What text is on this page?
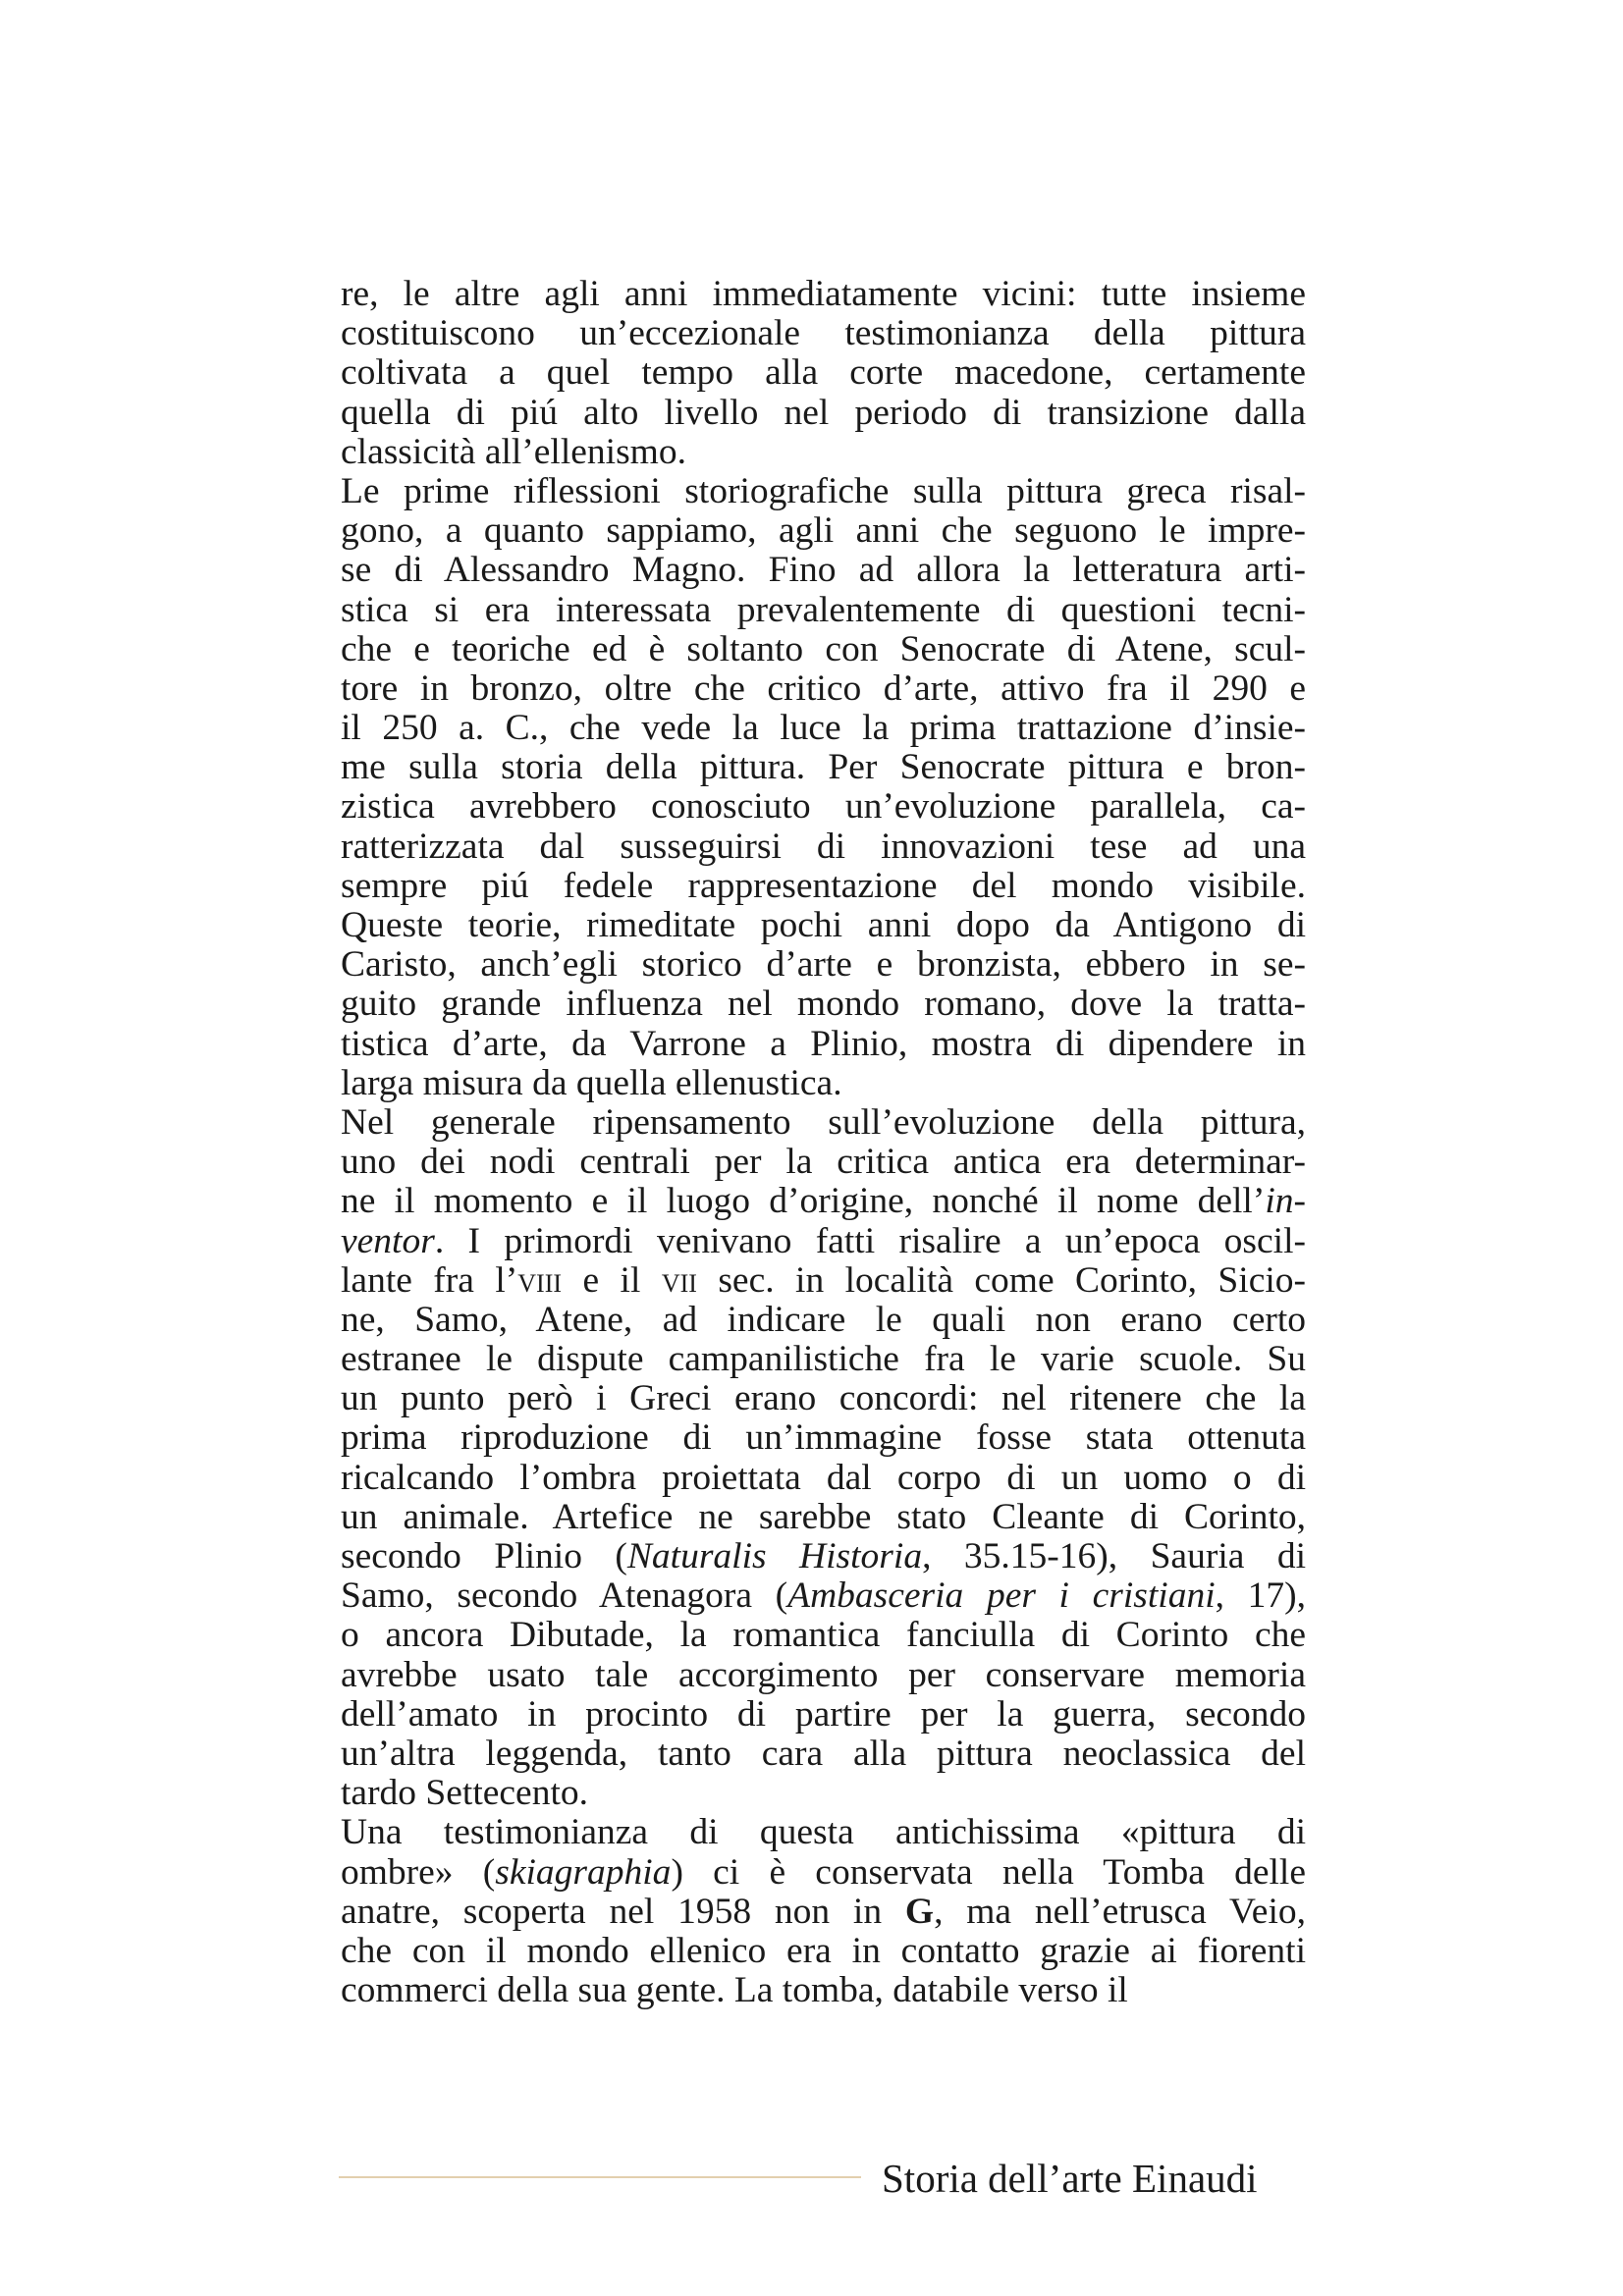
re, le altre agli anni immediatamente vicini: tutte insieme
costituiscono un’eccezionale testimonianza della pittura
coltivata a quel tempo alla corte macedone, certamente
quella di piú alto livello nel periodo di transizione dalla
classicità all’ellenismo.
Le prime riflessioni storiografiche sulla pittura greca risal-
gono, a quanto sappiamo, agli anni che seguono le impre-
se di Alessandro Magno. Fino ad allora la letteratura arti-
stica si era interessata prevalentemente di questioni tecni-
che e teoriche ed è soltanto con Senocrate di Atene, scul-
tore in bronzo, oltre che critico d’arte, attivo fra il 290 e
il 250 a. C., che vede la luce la prima trattazione d’insie-
me sulla storia della pittura. Per Senocrate pittura e bron-
zistica avrebbero conosciuto un’evoluzione parallela, ca-
ratterizzata dal susseguirsi di innovazioni tese ad una
sempre piú fedele rappresentazione del mondo visibile.
Queste teorie, rimeditate pochi anni dopo da Antigono di
Caristo, anch’egli storico d’arte e bronzista, ebbero in se-
guito grande influenza nel mondo romano, dove la tratta-
tistica d’arte, da Varrone a Plinio, mostra di dipendere in
larga misura da quella ellenustica.
Nel generale ripensamento sull’evoluzione della pittura,
uno dei nodi centrali per la critica antica era determinar-
ne il momento e il luogo d’origine, nonché il nome dell’in-
ventor. I primordi venivano fatti risalire a un’epoca oscil-
lante fra l’viii e il vii sec. in località come Corinto, Sicio-
ne, Samo, Atene, ad indicare le quali non erano certo
estranee le dispute campanilistiche fra le varie scuole. Su
un punto però i Greci erano concordi: nel ritenere che la
prima riproduzione di un’immagine fosse stata ottenuta
ricalcando l’ombra proiettata dal corpo di un uomo o di
un animale. Artefice ne sarebbe stato Cleante di Corinto,
secondo Plinio (Naturalis Historia, 35.15-16), Sauria di
Samo, secondo Atenagora (Ambasceria per i cristiani, 17),
o ancora Dibutade, la romantica fanciulla di Corinto che
avrebbe usato tale accorgimento per conservare memoria
dell’amato in procinto di partire per la guerra, secondo
un’altra leggenda, tanto cara alla pittura neoclassica del
tardo Settecento.
Una testimonianza di questa antichissima «pittura di
ombre» (skiagraphia) ci è conservata nella Tomba delle
anatre, scoperta nel 1958 non in G, ma nell’etrusca Veio,
che con il mondo ellenico era in contatto grazie ai fiorenti
commerci della sua gente. La tomba, databile verso il
Storia dell’arte Einaudi
